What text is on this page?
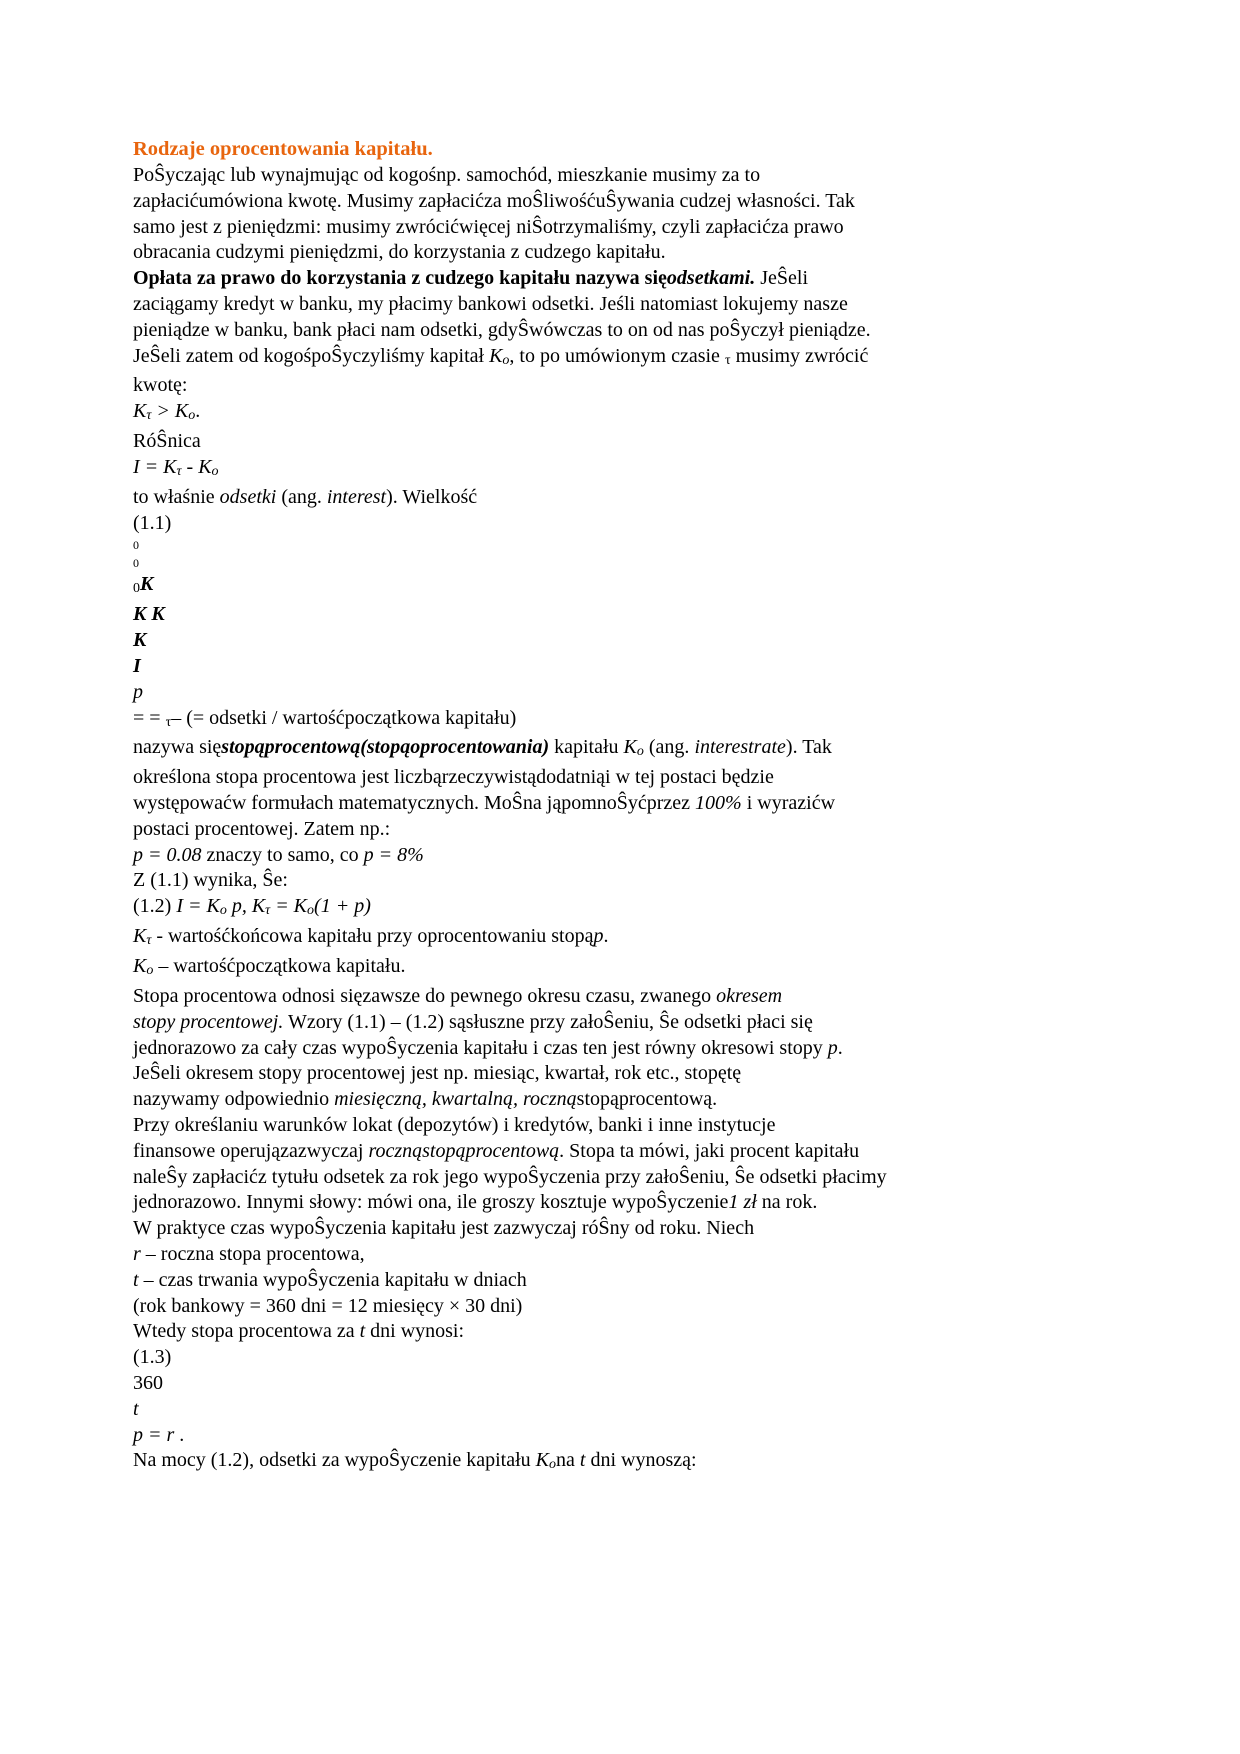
Rodzaje oprocentowania kapitału.
PoŜyczając lub wynajmując od kogośnp. samochód, mieszkanie musimy za to
zapłacićumówiona kwotę. Musimy zapłacićza moŜliwośćuŜywania cudzej własności. Tak
samo jest z pieniędzmi: musimy zwrócićwięcej niŜotrzymaliśmy, czyli zapłacićza prawo
obracania cudzymi pieniędzmi, do korzystania z cudzego kapitału.
Opłata za prawo do korzystania z cudzego kapitału nazywa sięodsetkami. JeŜeli
zaciągamy kredyt w banku, my płacimy bankowi odsetki. Jeśli natomiast lokujemy nasze
pieniądze w banku, bank płaci nam odsetki, gdyŜwówczas to on od nas poŜyczył pieniądze.
JeŜeli zatem od kogośpoŜyczyliśmy kapitał Ko, to po umówionym czasie τ musimy zwrócić
kwotę:
Kτ > Ko.
RóŜnica
I = Kτ - Ko
to właśnie odsetki (ang. interest). Wielkość
(1.1)
0
0
0K
K K
K
I
p
= = τ– (= odsetki / wartośćpoczątkowa kapitału)
nazywa sięstopąprocentową(stopąoprocentowania) kapitału Ko (ang. interestrate). Tak
określona stopa procentowa jest liczbąrzeczywistądodatniąi w tej postaci będzie
występowaćw formułach matematycznych. MoŜna jąpomnoŜyćprzez 100% i wyrazićw
postaci procentowej. Zatem np.:
p = 0.08 znaczy to samo, co p = 8%
Z (1.1) wynika, Ŝe:
(1.2) I = Ko p, Kτ = Ko(1 + p)
Kτ - wartośćkońcowa kapitału przy oprocentowaniu stopąp.
Ko – wartośćpoczątkowa kapitału.
Stopa procentowa odnosi sięzawsze do pewnego okresu czasu, zwanego okresem
stopy procentowej. Wzory (1.1) – (1.2) sąsłuszne przy załoŜeniu, Ŝe odsetki płaci się
jednorazowo za cały czas wypoŜyczenia kapitału i czas ten jest równy okresowi stopy p.
JeŜeli okresem stopy procentowej jest np. miesiąc, kwartał, rok etc., stopętę
nazywamy odpowiednio miesięczną, kwartalną, rocznąstopąprocentową.
Przy określaniu warunków lokat (depozytów) i kredytów, banki i inne instytucje
finansowe operujązazwyczaj rocznąstopąprocentową. Stopa ta mówi, jaki procent kapitału
naleŜy zapłacićz tytułu odsetek za rok jego wypoŜyczenia przy załoŜeniu, Ŝe odsetki płacimy
jednorazowo. Innymi słowy: mówi ona, ile groszy kosztuje wypoŜyczenie1 zł na rok.
W praktyce czas wypoŜyczenia kapitału jest zazwyczaj róŜny od roku. Niech
r – roczna stopa procentowa,
t – czas trwania wypoŜyczenia kapitału w dniach
(rok bankowy = 360 dni = 12 miesięcy × 30 dni)
Wtedy stopa procentowa za t dni wynosi:
(1.3)
360
t
p = r .
Na mocy (1.2), odsetki za wypoŜyczenie kapitału Kona t dni wynoszą:
